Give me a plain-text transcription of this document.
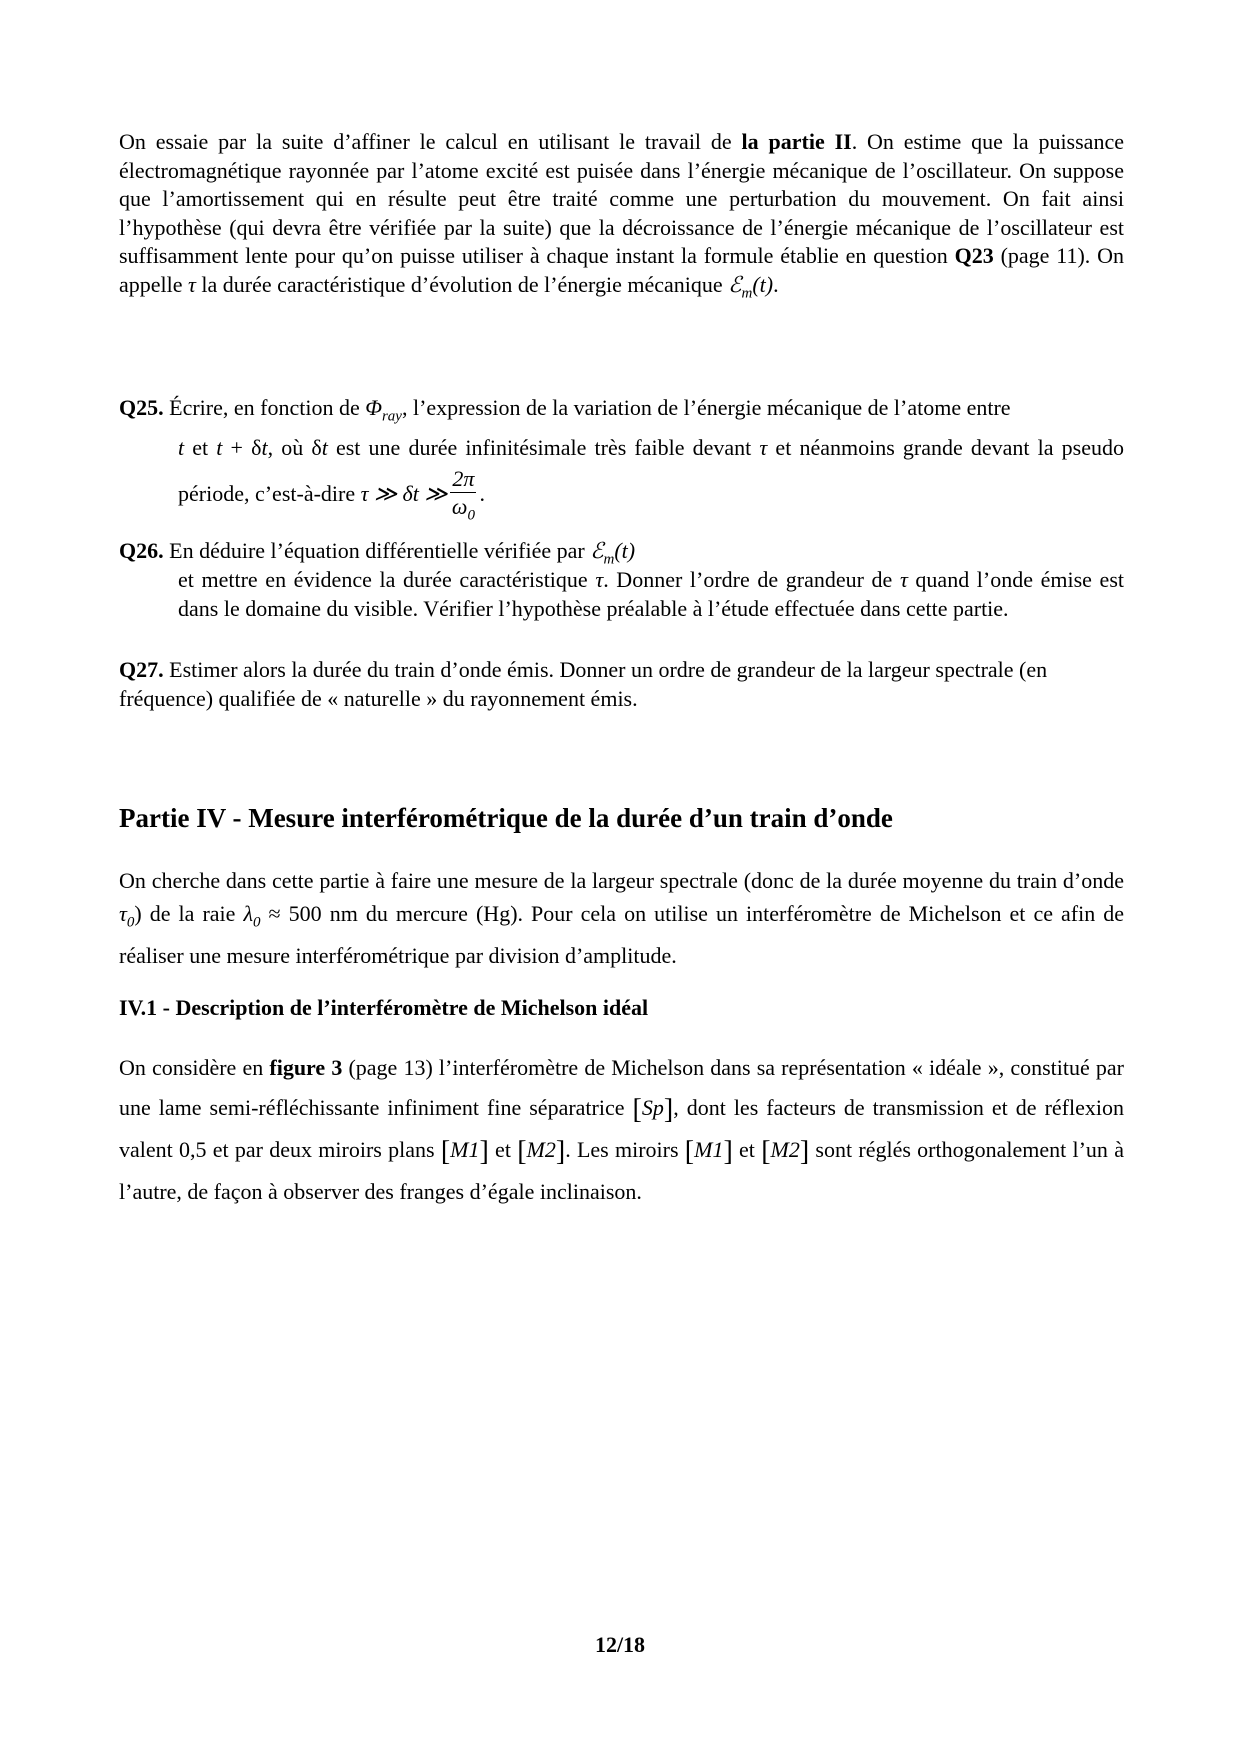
On essaie par la suite d’affiner le calcul en utilisant le travail de la partie II. On estime que la puissance électromagnétique rayonnée par l’atome excité est puisée dans l’énergie mécanique de l’oscillateur. On suppose que l’amortissement qui en résulte peut être traité comme une perturbation du mouvement. On fait ainsi l’hypothèse (qui devra être vérifiée par la suite) que la décroissance de l’énergie mécanique de l’oscillateur est suffisamment lente pour qu’on puisse utiliser à chaque instant la formule établie en question Q23 (page 11). On appelle τ la durée caractéristique d’évolution de l’énergie mécanique ℰ$_m$(t).
Q25. Écrire, en fonction de $\Phi_{ray}$, l’expression de la variation de l’énergie mécanique de l’atome entre
t et t + δt, où δt est une durée infinitésimale très faible devant τ et néanmoins grande devant la pseudo période, c’est-à-dire τ ≫ δt ≫ $\frac{2\pi}{\omega_0}$ .
Q26. En déduire l’équation différentielle vérifiée par ℰ$_m$(t)
et mettre en évidence la durée caractéristique τ. Donner l’ordre de grandeur de τ quand l’onde émise est dans le domaine du visible. Vérifier l’hypothèse préalable à l’étude effectuée dans cette partie.
Q27. Estimer alors la durée du train d’onde émis. Donner un ordre de grandeur de la largeur spectrale (en fréquence) qualifiée de « naturelle » du rayonnement émis.
Partie IV - Mesure interférométrique de la durée d’un train d’onde
On cherche dans cette partie à faire une mesure de la largeur spectrale (donc de la durée moyenne du train d’onde $\tau_0$) de la raie $\lambda_0 \approx 500$ nm du mercure (Hg). Pour cela on utilise un interféromètre de Michelson et ce afin de réaliser une mesure interférométrique par division d’amplitude.
IV.1 - Description de l’interféromètre de Michelson idéal
On considère en figure 3 (page 13) l’interféromètre de Michelson dans sa représentation « idéale », constitué par une lame semi-réfléchissante infiniment fine séparatrice [Sp], dont les facteurs de transmission et de réflexion valent 0,5 et par deux miroirs plans [M1] et [M2]. Les miroirs [M1] et [M2] sont réglés orthogonalement l’un à l’autre, de façon à observer des franges d’égale inclinaison.
12/18
